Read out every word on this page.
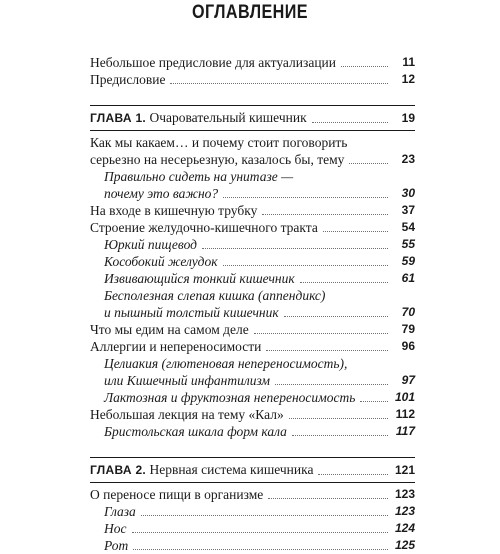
ОГЛАВЛЕНИЕ
Небольшое предисловие для актуализации	11
Предисловие	12
ГЛАВА 1. Очаровательный кишечник	19
Как мы какаем… и почему стоит поговорить
серьезно на несерьезную, казалось бы, тему	23
Правильно сидеть на унитазе —
почему это важно?	30
На входе в кишечную трубку	37
Строение желудочно-кишечного тракта	54
Юркий пищевод	55
Кособокий желудок	59
Извивающийся тонкий кишечник	61
Бесполезная слепая кишка (аппендикс)
и пышный толстый кишечник	70
Что мы едим на самом деле	79
Аллергии и непереносимости	96
Целиакия (глютеновая непереносимость),
или Кишечный инфантилизм	97
Лактозная и фруктозная непереносимость	101
Небольшая лекция на тему «Кал»	112
Бристольская шкала форм кала	117
ГЛАВА 2. Нервная система кишечника	121
О переносе пищи в организме	123
Глаза	123
Нос	124
Рот	125
